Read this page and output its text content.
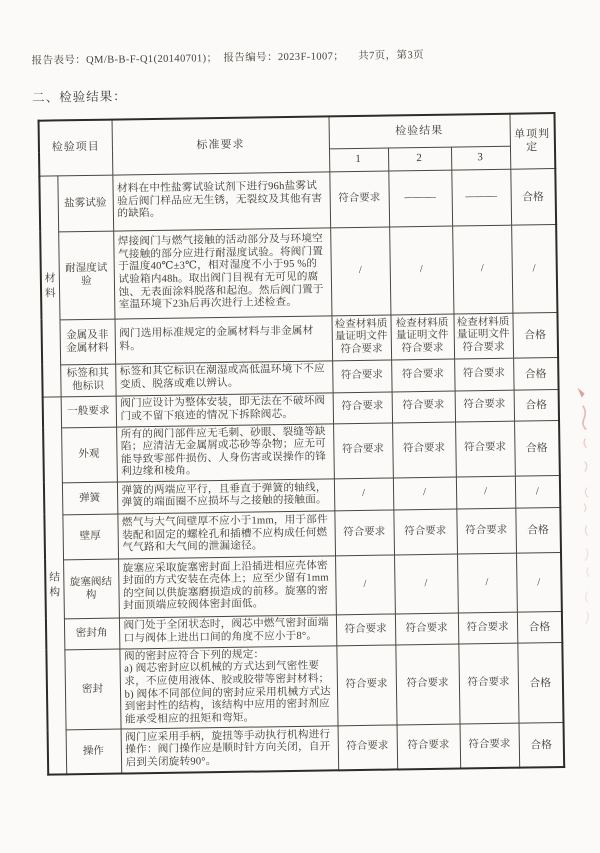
报告表号：QM/B-B-F-Q1(20140701)； 报告编号：2023F-1007； 共7页，第3页
二、检验结果：
检验项目		标准要求	检验结果			单项判定
			1	2	3	
材料	盐雾试验	材料在中性盐雾试验试剂下进行96h盐雾试验后阀门样品应无生锈，无裂纹及其他有害的缺陷。	符合要求	———	———	合格
	耐湿度试验	焊接阀门与燃气接触的活动部分及与环境空气接触的部分应进行耐湿度试验。将阀门置于温度40℃±3℃，相对湿度不小于95 %的试验箱内48h。取出阀门目视有无可见的腐蚀、无表面涂料脱落和起泡。然后阀门置于室温环境下23h后再次进行上述检查。	/	/	/	/
	金属及非金属材料	阀门选用标准规定的金属材料与非金属材料。	检查材料质量证明文件符合要求	检查材料质量证明文件符合要求	检查材料质量证明文件符合要求	合格
	标签和其他标识	标签和其它标识在潮湿或高低温环境下不应变质、脱落或难以辨认。	符合要求	符合要求	符合要求	合格
结构	一般要求	阀门应设计为整体安装，即无法在不破坏阀门或不留下痕迹的情况下拆除阀芯。	符合要求	符合要求	符合要求	合格
	外观	所有的阀门部件应无毛刺、砂眼、裂缝等缺陷；应清洁无金属屑或芯砂等杂物；应无可能导致零部件损伤、人身伤害或误操作的锋利边缘和棱角。	符合要求	符合要求	符合要求	合格
	弹簧	弹簧的两端应平行，且垂直于弹簧的轴线，弹簧的端面圈不应损坏与之接触的接触面。	/	/	/	/
	壁厚	燃气与大气间壁厚不应小于1mm，用于部件装配和固定的螺栓孔和插槽不应构成任何燃气气路和大气间的泄漏途径。	符合要求	符合要求	符合要求	合格
	旋塞阀结构	旋塞应采取旋塞密封面上沿插进相应壳体密封面的方式安装在壳体上；应至少留有1mm的空间以供旋塞磨损造成的前移。旋塞的密封面顶端应较阀体密封面低。	/	/	/	/
	密封角	阀门处于全闭状态时，阀芯中燃气密封面端口与阀体上进出口间的角度不应小于8°。	符合要求	符合要求	符合要求	合格
	密封	阀的密封应符合下列的规定：
a) 阀芯密封应以机械的方式达到气密性要求，不应使用液体、胶或胶带等密封材料；b) 阀体不同部位间的密封应采用机械方式达到密封性的结构，该结构中应用的密封剂应能承受相应的扭矩和弯矩。	符合要求	符合要求	符合要求	合格
	操作	阀门应采用手柄，旋扭等手动执行机构进行操作：阀门操作应是顺时针方向关闭，自开启到关闭旋转90°。	符合要求	符合要求	符合要求	合格
